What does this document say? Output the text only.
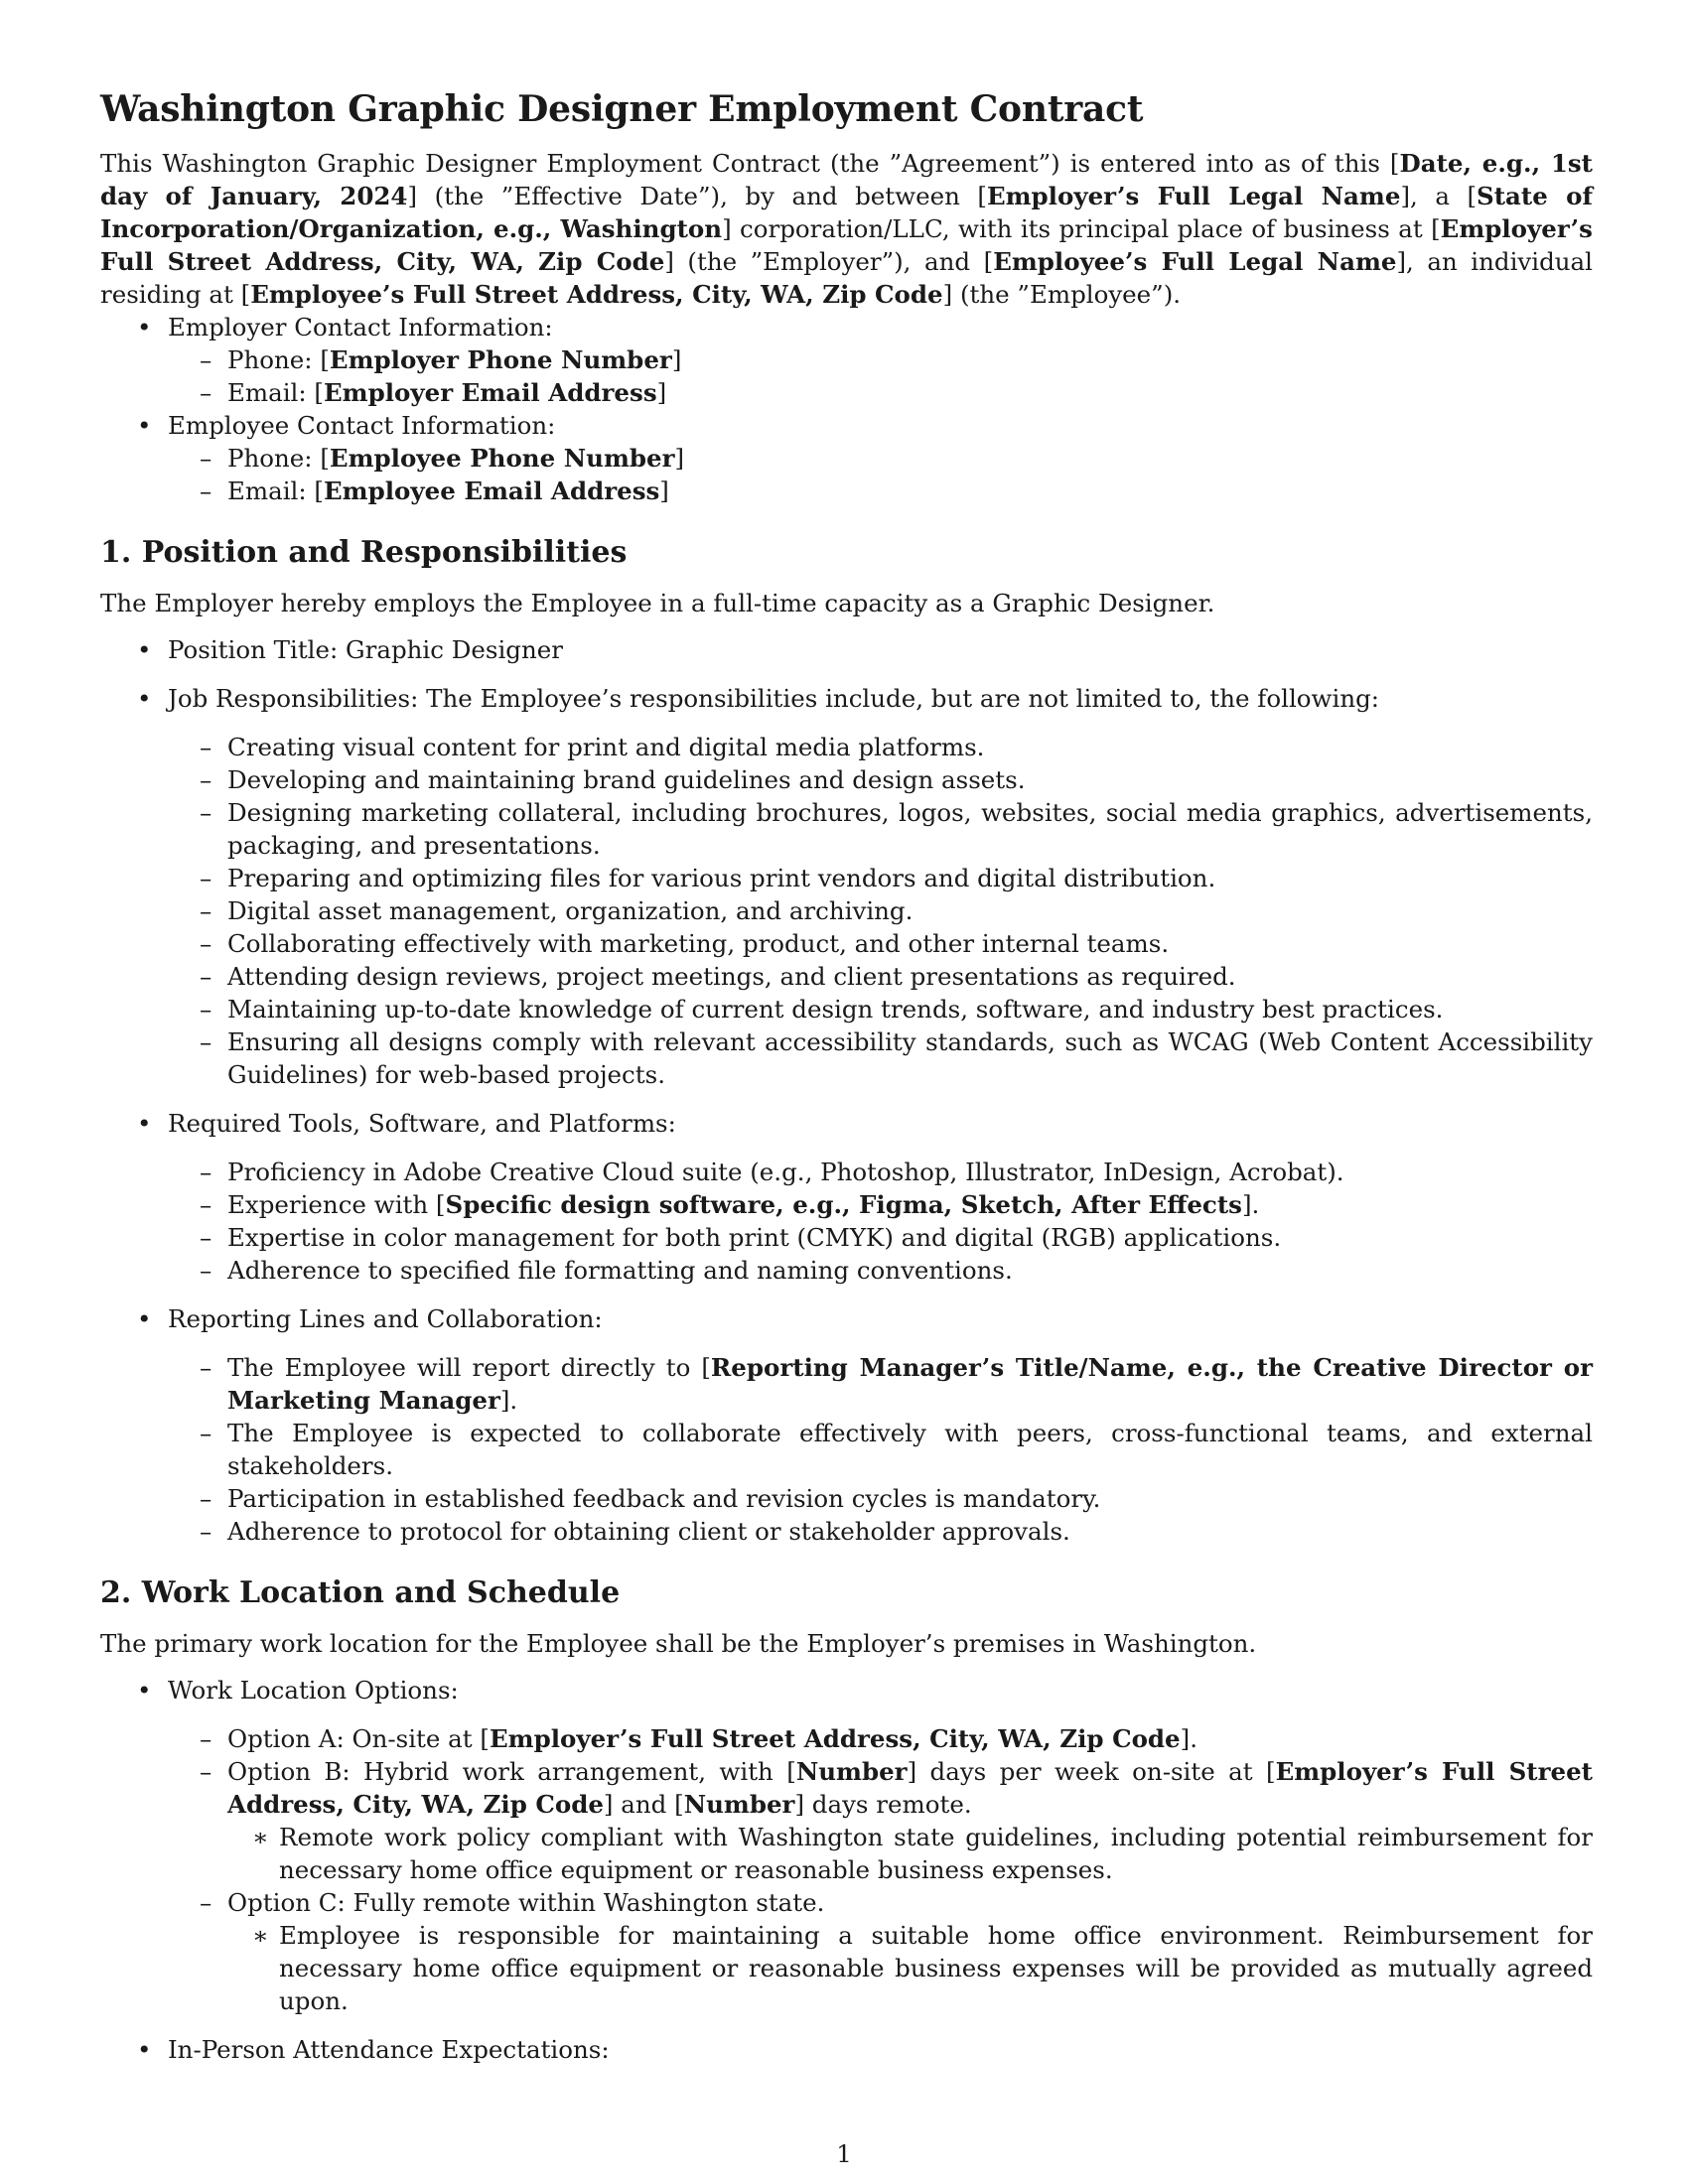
Washington Graphic Designer Employment Contract

This Washington Graphic Designer Employment Contract (the ”Agreement”) is entered into as of this [Date, e.g., 1st day of January, 2024] (the ”Effective Date”), by and between [Employer’s Full Legal Name], a [State of Incorporation/Organization, e.g., Washington] corporation/LLC, with its principal place of business at [Employer’s Full Street Address, City, WA, Zip Code] (the ”Employer”), and [Employee’s Full Legal Name], an individual residing at [Employee’s Full Street Address, City, WA, Zip Code] (the ”Employee”).

• Employer Contact Information:
– Phone: [Employer Phone Number]
– Email: [Employer Email Address]
• Employee Contact Information:
– Phone: [Employee Phone Number]
– Email: [Employee Email Address]
1. Position and Responsibilities

The Employer hereby employs the Employee in a full-time capacity as a Graphic Designer.

• Position Title: Graphic Designer
• Job Responsibilities: The Employee’s responsibilities include, but are not limited to, the following:
– Creating visual content for print and digital media platforms.
– Developing and maintaining brand guidelines and design assets.
– Designing marketing collateral, including brochures, logos, websites, social media graphics, advertisements, packaging, and presentations.
– Preparing and optimizing files for various print vendors and digital distribution.
– Digital asset management, organization, and archiving.
– Collaborating effectively with marketing, product, and other internal teams.
– Attending design reviews, project meetings, and client presentations as required.
– Maintaining up-to-date knowledge of current design trends, software, and industry best practices.
– Ensuring all designs comply with relevant accessibility standards, such as WCAG (Web Content Accessibility Guidelines) for web-based projects.
• Required Tools, Software, and Platforms:
– Proficiency in Adobe Creative Cloud suite (e.g., Photoshop, Illustrator, InDesign, Acrobat).
– Experience with [Specific design software, e.g., Figma, Sketch, After Effects].
– Expertise in color management for both print (CMYK) and digital (RGB) applications.
– Adherence to specified file formatting and naming conventions.
• Reporting Lines and Collaboration:
– The Employee will report directly to [Reporting Manager’s Title/Name, e.g., the Creative Director or Marketing Manager].
– The Employee is expected to collaborate effectively with peers, cross-functional teams, and external stakeholders.
– Participation in established feedback and revision cycles is mandatory.
– Adherence to protocol for obtaining client or stakeholder approvals.
2. Work Location and Schedule

The primary work location for the Employee shall be the Employer’s premises in Washington.

• Work Location Options:
– Option A: On-site at [Employer’s Full Street Address, City, WA, Zip Code].
– Option B: Hybrid work arrangement, with [Number] days per week on-site at [Employer’s Full Street Address, City, WA, Zip Code] and [Number] days remote.
∗ Remote work policy compliant with Washington state guidelines, including potential reimbursement for necessary home office equipment or reasonable business expenses.
– Option C: Fully remote within Washington state.
∗ Employee is responsible for maintaining a suitable home office environment. Reimbursement for necessary home office equipment or reasonable business expenses will be provided as mutually agreed upon.
• In-Person Attendance Expectations:
1
